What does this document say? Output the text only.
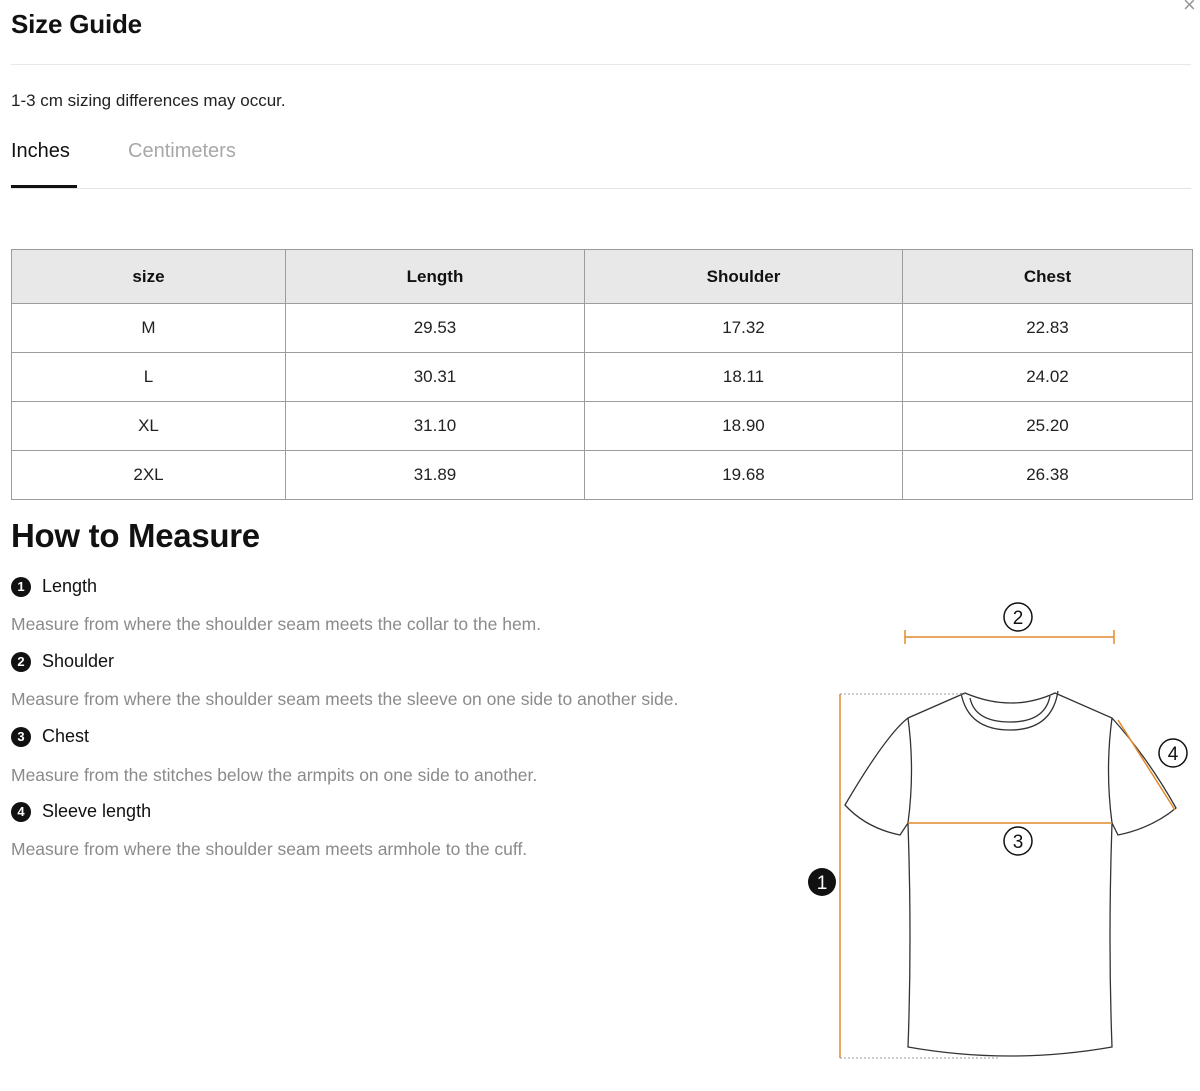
Size Guide
×
1-3 cm sizing differences may occur.
Inches	Centimeters
size	Length	Shoulder	Chest
M	29.53	17.32	22.83
L	30.31	18.11	24.02
XL	31.10	18.90	25.20
2XL	31.89	19.68	26.38
How to Measure
1 Length
Measure from where the shoulder seam meets the collar to the hem.
2 Shoulder
Measure from where the shoulder seam meets the sleeve on one side to another side.
3 Chest
Measure from the stitches below the armpits on one side to another.
4 Sleeve length
Measure from where the shoulder seam meets armhole to the cuff.
1
2
3
4
